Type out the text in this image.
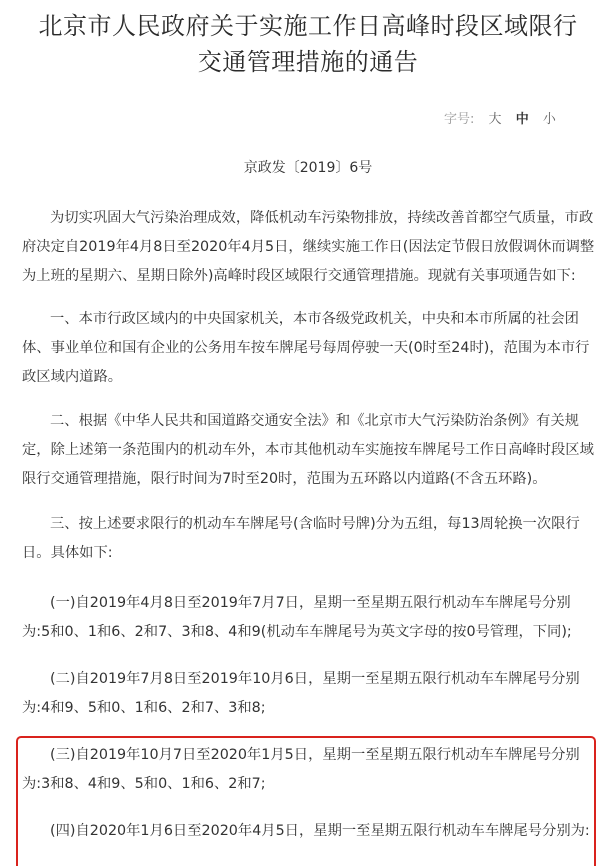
北京市人民政府关于实施工作日高峰时段区域限行
交通管理措施的通告
字号: 大 中 小
京政发〔2019〕6号

为切实巩固大气污染治理成效，降低机动车污染物排放，持续改善首都空气质量，市政府决定自2019年4月8日至2020年4月5日，继续实施工作日(因法定节假日放假调休而调整为上班的星期六、星期日除外)高峰时段区域限行交通管理措施。现就有关事项通告如下:

一、本市行政区域内的中央国家机关，本市各级党政机关，中央和本市所属的社会团体、事业单位和国有企业的公务用车按车牌尾号每周停驶一天(0时至24时)，范围为本市行政区域内道路。

二、根据《中华人民共和国道路交通安全法》和《北京市大气污染防治条例》有关规定，除上述第一条范围内的机动车外，本市其他机动车实施按车牌尾号工作日高峰时段区域限行交通管理措施，限行时间为7时至20时，范围为五环路以内道路(不含五环路)。

三、按上述要求限行的机动车车牌尾号(含临时号牌)分为五组，每13周轮换一次限行日。具体如下:

(一)自2019年4月8日至2019年7月7日，星期一至星期五限行机动车车牌尾号分别为:5和0、1和6、2和7、3和8、4和9(机动车车牌尾号为英文字母的按0号管理，下同);

(二)自2019年7月8日至2019年10月6日，星期一至星期五限行机动车车牌尾号分别为:4和9、5和0、1和6、2和7、3和8;

(三)自2019年10月7日至2020年1月5日，星期一至星期五限行机动车车牌尾号分别为:3和8、4和9、5和0、1和6、2和7;

(四)自2020年1月6日至2020年4月5日，星期一至星期五限行机动车车牌尾号分别为:
